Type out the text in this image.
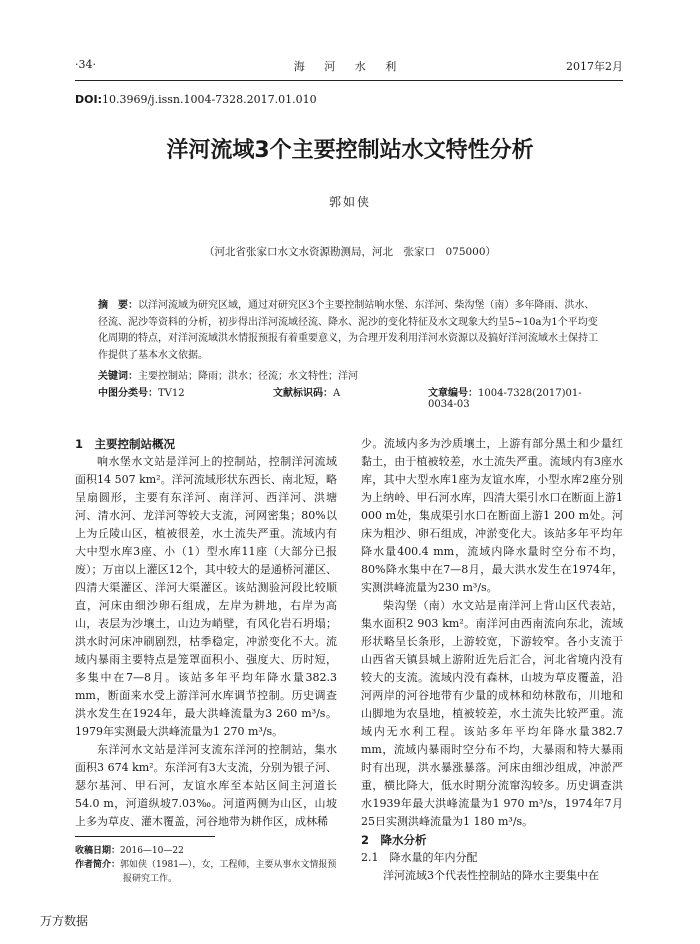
·34·	海 河 水 利	2017年2月
DOI:10.3969/j.issn.1004-7328.2017.01.010
洋河流域3个主要控制站水文特性分析
郭如侠
（河北省张家口水文水资源勘测局，河北　张家口　075000）
摘　要：以洋河流域为研究区域，通过对研究区3个主要控制站响水堡、东洋河、柴沟堡（南）多年降雨、洪水、径流、泥沙等资料的分析，初步得出洋河流域径流、降水、泥沙的变化特征及水文现象大约呈5~10a为1个平均变化周期的特点，对洋河流域洪水情报预报有着重要意义，为合理开发利用洋河水资源以及搞好洋河流域水土保持工作提供了基本水文依据。
关键词：主要控制站；降雨；洪水；径流；水文特性；洋河
中图分类号：TV12	文献标识码：A	文章编号：1004-7328(2017)01-0034-03

1　主要控制站概况

响水堡水文站是洋河上的控制站，控制洋河流域面积14 507 km²。洋河流域形状东西长、南北短，略呈扇圆形，主要有东洋河、南洋河、西洋河、洪塘河、清水河、龙洋河等较大支流，河网密集；80%以上为丘陵山区，植被很差，水土流失严重。流域内有大中型水库3座、小（1）型水库11座（大部分已报废）；万亩以上灌区12个，其中较大的是通桥河灌区、四清大渠灌区、洋河大渠灌区。该站测验河段比较顺直，河床由细沙卵石组成，左岸为耕地，右岸为高山，表层为沙壤土，山边为峭壁，有风化岩石坍塌；洪水时河床冲刷剧烈，枯季稳定，冲淤变化不大。流域内暴雨主要特点是笼罩面积小、强度大、历时短，多集中在7—8月。该站多年平均年降水量382.3 mm，断面来水受上游洋河水库调节控制。历史调查洪水发生在1924年，最大洪峰流量为3 260 m³/s。1979年实测最大洪峰流量为1 270 m³/s。

东洋河水文站是洋河支流东洋河的控制站，集水面积3 674 km²。东洋河有3大支流，分别为银子河、瑟尔基河、甲石河，友谊水库至本站区间主河道长54.0 m，河道纵坡7.03‰。河道两侧为山区，山坡上多为草皮、灌木覆盖，河谷地带为耕作区，成林稀

少。流域内多为沙质壤土，上游有部分黑土和少量红黏土，由于植被较差，水土流失严重。流域内有3座水库，其中大型水库1座为友谊水库，小型水库2座分别为上纳岭、甲石河水库，四清大渠引水口在断面上游1 000 m处，集成渠引水口在断面上游1 200 m处。河床为粗沙、卵石组成，冲淤变化大。该站多年平均年降水量400.4 mm，流域内降水量时空分布不均，80%降水集中在7—8月，最大洪水发生在1974年，实测洪峰流量为230 m³/s。

柴沟堡（南）水文站是南洋河上背山区代表站，集水面积2 903 km²。南洋河由西南流向东北，流域形状略呈长条形，上游较宽，下游较窄。各小支流于山西省天镇县城上游附近先后汇合，河北省境内没有较大的支流。流域内没有森林，山坡为草皮覆盖，沿河两岸的河谷地带有少量的成林和幼林散布，川地和山脚地为农垦地，植被较差，水土流失比较严重。流域内无水利工程。该站多年平均年降水量382.7 mm，流域内暴雨时空分布不均，大暴雨和特大暴雨时有出现，洪水暴涨暴落。河床由细沙组成，冲淤严重，横比降大，低水时期分流窜沟较多。历史调查洪水1939年最大洪峰流量为1 970 m³/s，1974年7月25日实测洪峰流量为1 180 m³/s。

2　降水分析

2.1　降水量的年内分配

洋河流域3个代表性控制站的降水主要集中在

收稿日期：2016—10—22
作者简介：郭如侠（1981—），女，工程师，主要从事水文情报预报研究工作。
万方数据
